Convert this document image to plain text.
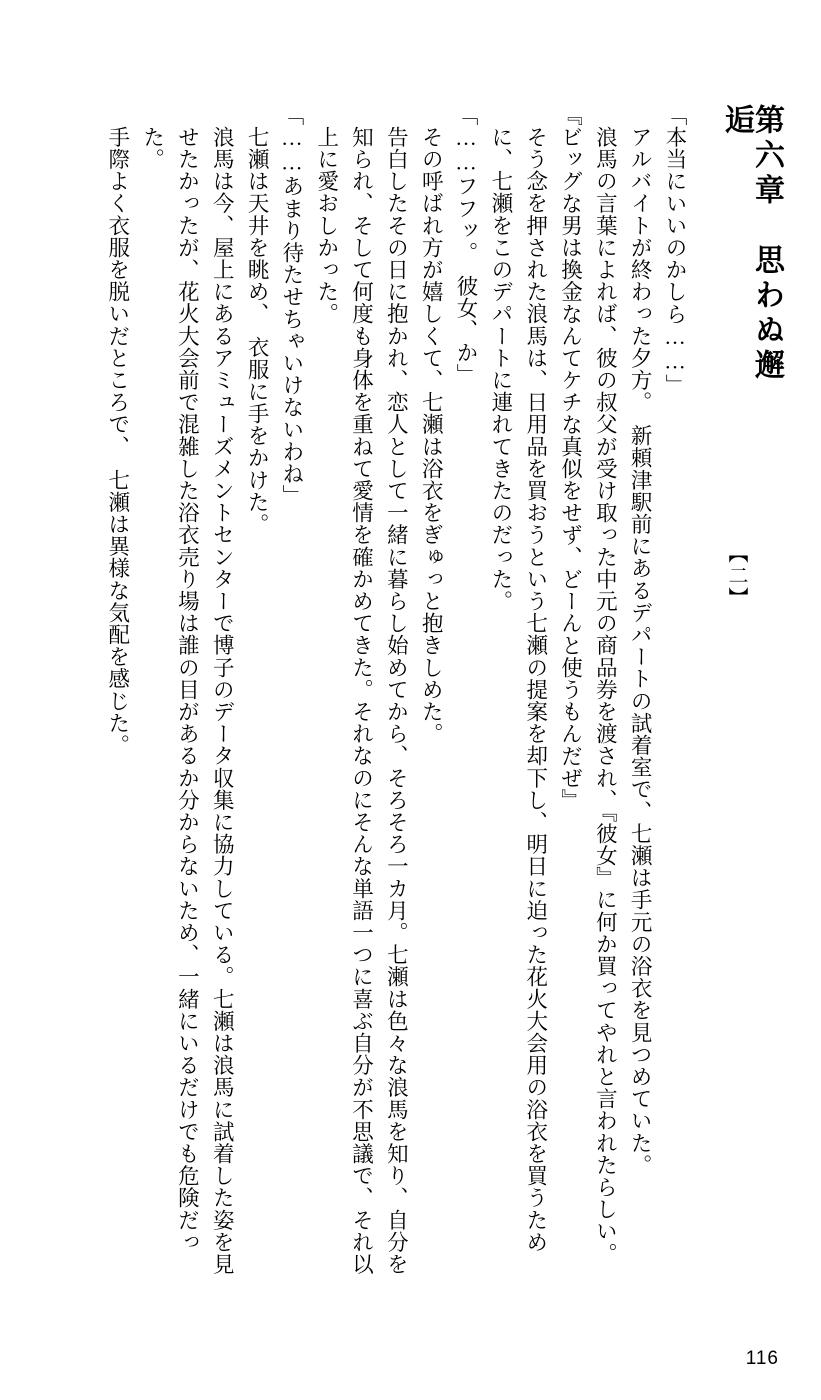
第六章　思わぬ邂逅 【二】

「本当にいいのかしら……」

アルバイトが終わった夕方。　新頼津駅前にあるデパートの試着室で、七瀬は手元の浴衣を見つめていた。

浪馬の言葉によれば、彼の叔父が受け取った中元の商品券を渡され、『彼女』に何か買ってやれと言われたらしい。

『ビッグな男は換金なんてケチな真似をせず、どーんと使うもんだぜ』

そう念を押された浪馬は、日用品を買おうという七瀬の提案を却下し、明日に迫った花火大会用の浴衣を買うために、七瀬をこのデパートに連れてきたのだった。

「……フフッ。　彼女、か」

その呼ばれ方が嬉しくて、七瀬は浴衣をぎゅっと抱きしめた。

告白したその日に抱かれ、恋人として一緒に暮らし始めてから、そろそろ一カ月。七瀬は色々な浪馬を知り、自分を知られ、そして何度も身体を重ねて愛情を確かめてきた。それなのにそんな単語一つに喜ぶ自分が不思議で、それ以上に愛おしかった。

「……あまり待たせちゃいけないわね」

七瀬は天井を眺め、　衣服に手をかけた。

浪馬は今、屋上にあるアミューズメントセンターで博子のデータ収集に協力している。七瀬は浪馬に試着した姿を見せたかったが、花火大会前で混雑した浴衣売り場は誰の目があるか分からないため、一緒にいるだけでも危険だった。

手際よく衣服を脱いだところで、　七瀬は異様な気配を感じた。

116
